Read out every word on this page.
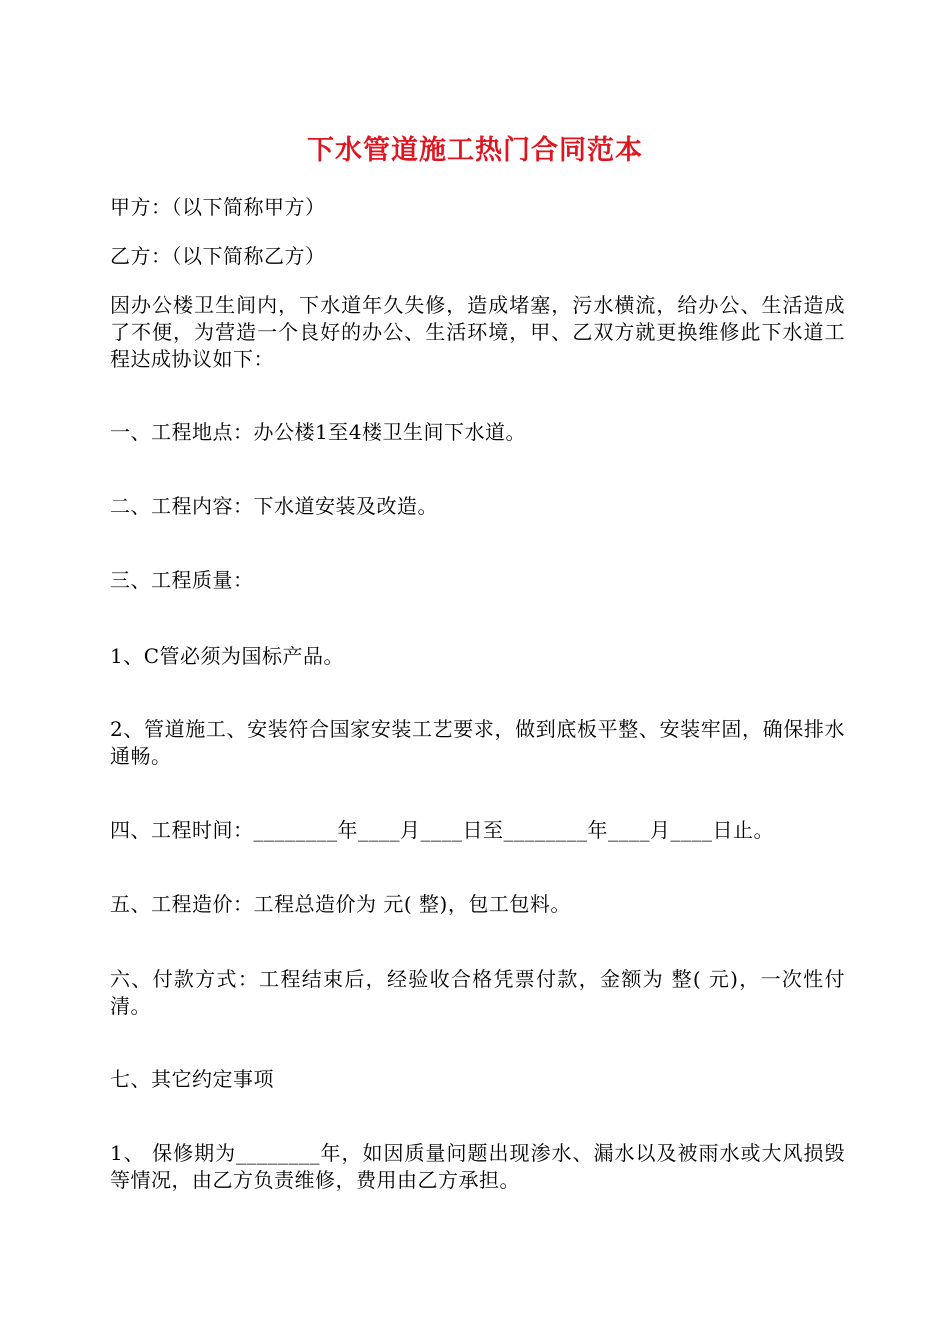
下水管道施工热门合同范本
甲方：（以下简称甲方）
乙方：（以下简称乙方）
因办公楼卫生间内，下水道年久失修，造成堵塞，污水横流，给办公、生活造成了不便，为营造一个良好的办公、生活环境，甲、乙双方就更换维修此下水道工程达成协议如下：
一、工程地点：办公楼1至4楼卫生间下水道。
二、工程内容：下水道安装及改造。
三、工程质量：
1、C管必须为国标产品。
2、管道施工、安装符合国家安装工艺要求，做到底板平整、安装牢固，确保排水通畅。
四、工程时间：________年____月____日至________年____月____日止。
五、工程造价：工程总造价为 元( 整)，包工包料。
六、付款方式：工程结束后，经验收合格凭票付款，金额为 整( 元)，一次性付清。
七、其它约定事项
1、 保修期为________年，如因质量问题出现渗水、漏水以及被雨水或大风损毁等情况，由乙方负责维修，费用由乙方承担。
